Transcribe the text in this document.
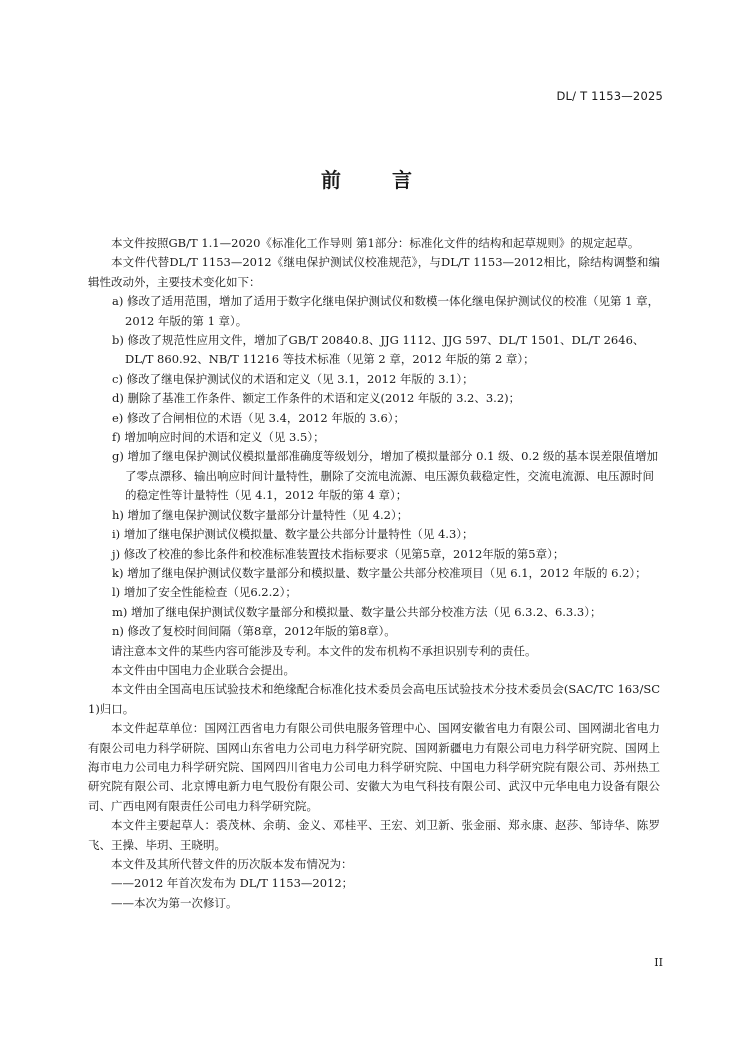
DL/ T 1153—2025
前 言

本文件按照GB/T 1.1—2020《标准化工作导则 第1部分：标准化文件的结构和起草规则》的规定起草。

本文件代替DL/T 1153—2012《继电保护测试仪校准规范》，与DL/T 1153—2012相比，除结构调整和编辑性改动外，主要技术变化如下：

a) 修改了适用范围，增加了适用于数字化继电保护测试仪和数模一体化继电保护测试仪的校准（见第 1 章，2012 年版的第 1 章）。

b) 修改了规范性应用文件，增加了GB/T 20840.8、JJG 1112、JJG 597、DL/T 1501、DL/T 2646、DL/T 860.92、NB/T 11216 等技术标准（见第 2 章，2012 年版的第 2 章）；

c) 修改了继电保护测试仪的术语和定义（见 3.1，2012 年版的 3.1）；

d) 删除了基准工作条件、额定工作条件的术语和定义(2012 年版的 3.2、3.2)；

e) 修改了合闸相位的术语（见 3.4，2012 年版的 3.6）；

f) 增加响应时间的术语和定义（见 3.5）；

g) 增加了继电保护测试仪模拟量部准确度等级划分，增加了模拟量部分 0.1 级、0.2 级的基本误差限值增加了零点漂移、输出响应时间计量特性，删除了交流电流源、电压源负载稳定性，交流电流源、电压源时间的稳定性等计量特性（见 4.1，2012 年版的第 4 章）；

h) 增加了继电保护测试仪数字量部分计量特性（见 4.2）；

i) 增加了继电保护测试仪模拟量、数字量公共部分计量特性（见 4.3）；

j) 修改了校准的参比条件和校准标准装置技术指标要求（见第5章，2012年版的第5章）；

k) 增加了继电保护测试仪数字量部分和模拟量、数字量公共部分校准项目（见 6.1，2012 年版的 6.2）；

l) 增加了安全性能检查（见6.2.2）；

m) 增加了继电保护测试仪数字量部分和模拟量、数字量公共部分校准方法（见 6.3.2、6.3.3）；

n) 修改了复校时间间隔（第8章，2012年版的第8章）。

请注意本文件的某些内容可能涉及专利。本文件的发布机构不承担识别专利的责任。

本文件由中国电力企业联合会提出。

本文件由全国高电压试验技术和绝缘配合标准化技术委员会高电压试验技术分技术委员会(SAC/TC 163/SC 1)归口。

本文件起草单位：国网江西省电力有限公司供电服务管理中心、国网安徽省电力有限公司、国网湖北省电力有限公司电力科学研院、国网山东省电力公司电力科学研究院、国网新疆电力有限公司电力科学研究院、国网上海市电力公司电力科学研究院、国网四川省电力公司电力科学研究院、中国电力科学研究院有限公司、苏州热工研究院有限公司、北京博电新力电气股份有限公司、安徽大为电气科技有限公司、武汉中元华电电力设备有限公司、广西电网有限责任公司电力科学研究院。

本文件主要起草人：裘茂林、余萌、金义、邓桂平、王宏、刘卫新、张金丽、郑永康、赵莎、邹诗华、陈罗飞、王操、毕玥、王晓明。

本文件及其所代替文件的历次版本发布情况为：

——2012 年首次发布为 DL/T 1153—2012；

——本次为第一次修订。

II
